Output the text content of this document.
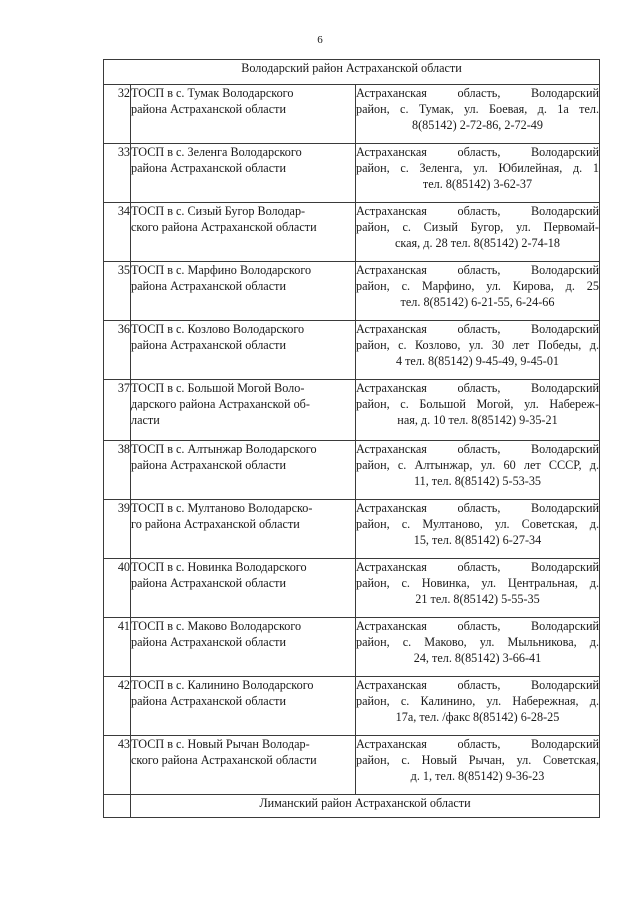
6
Володарский район Астраханской области		
32	ТОСП в с. Тумак Володарского
района Астраханской области	Астраханская область, Володарский
район, с. Тумак, ул. Боевая, д. 1а тел.
8(85142) 2-72-86, 2-72-49

33	ТОСП в с. Зеленга Володарского
района Астраханской области	Астраханская область, Володарский
район, с. Зеленга, ул. Юбилейная, д. 1
тел. 8(85142) 3-62-37

34	ТОСП в с. Сизый Бугор Володар-
ского района Астраханской области	Астраханская область, Володарский
район, с. Сизый Бугор, ул. Первомай-
ская, д. 28 тел. 8(85142) 2-74-18

35	ТОСП в с. Марфино Володарского
района Астраханской области	Астраханская область, Володарский
район, с. Марфино, ул. Кирова, д. 25
тел. 8(85142) 6-21-55, 6-24-66

36	ТОСП в с. Козлово Володарского
района Астраханской области	Астраханская область, Володарский
район, с. Козлово, ул. 30 лет Победы, д.
4 тел. 8(85142) 9-45-49, 9-45-01

37	ТОСП в с. Большой Могой Воло-
дарского района Астраханской об-
ласти	Астраханская область, Володарский
район, с. Большой Могой, ул. Набереж-
ная, д. 10 тел. 8(85142) 9-35-21

38	ТОСП в с. Алтынжар Володарского
района Астраханской области	Астраханская область, Володарский
район, с. Алтынжар, ул. 60 лет СССР, д.
11, тел. 8(85142) 5-53-35

39	ТОСП в с. Мултаново Володарско-
го района Астраханской области	Астраханская область, Володарский
район, с. Мултаново, ул. Советская, д.
15, тел. 8(85142) 6-27-34

40	ТОСП в с. Новинка Володарского
района Астраханской области	Астраханская область, Володарский
район, с. Новинка, ул. Центральная, д.
21 тел. 8(85142) 5-55-35

41	ТОСП в с. Маково Володарского
района Астраханской области	Астраханская область, Володарский
район, с. Маково, ул. Мыльникова, д.
24, тел. 8(85142) 3-66-41

42	ТОСП в с. Калинино Володарского
района Астраханской области	Астраханская область, Володарский
район, с. Калинино, ул. Набережная, д.
17а, тел. /факс 8(85142) 6-28-25

43	ТОСП в с. Новый Рычан Володар-
ского района Астраханской области	Астраханская область, Володарский
район, с. Новый Рычан, ул. Советская,
д. 1, тел. 8(85142) 9-36-23

	Лиманский район Астраханской области	
